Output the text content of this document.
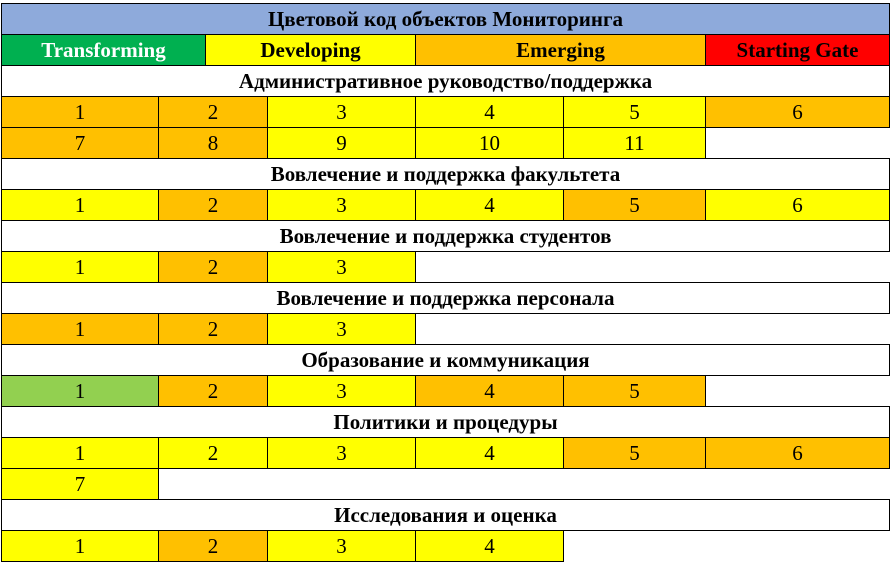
Цветовой код объектов Мониторинга
Transforming	Developing	Emerging	Starting Gate
Административное руководство/поддержка
1	2	3	4	5	6
7	8	9	10	11
Вовлечение и поддержка факультета
1	2	3	4	5	6
Вовлечение и поддержка студентов
1	2	3
Вовлечение и поддержка персонала
1	2	3
Образование и коммуникация
1	2	3	4	5
Политики и процедуры
1	2	3	4	5	6
7
Исследования и оценка
1	2	3	4
